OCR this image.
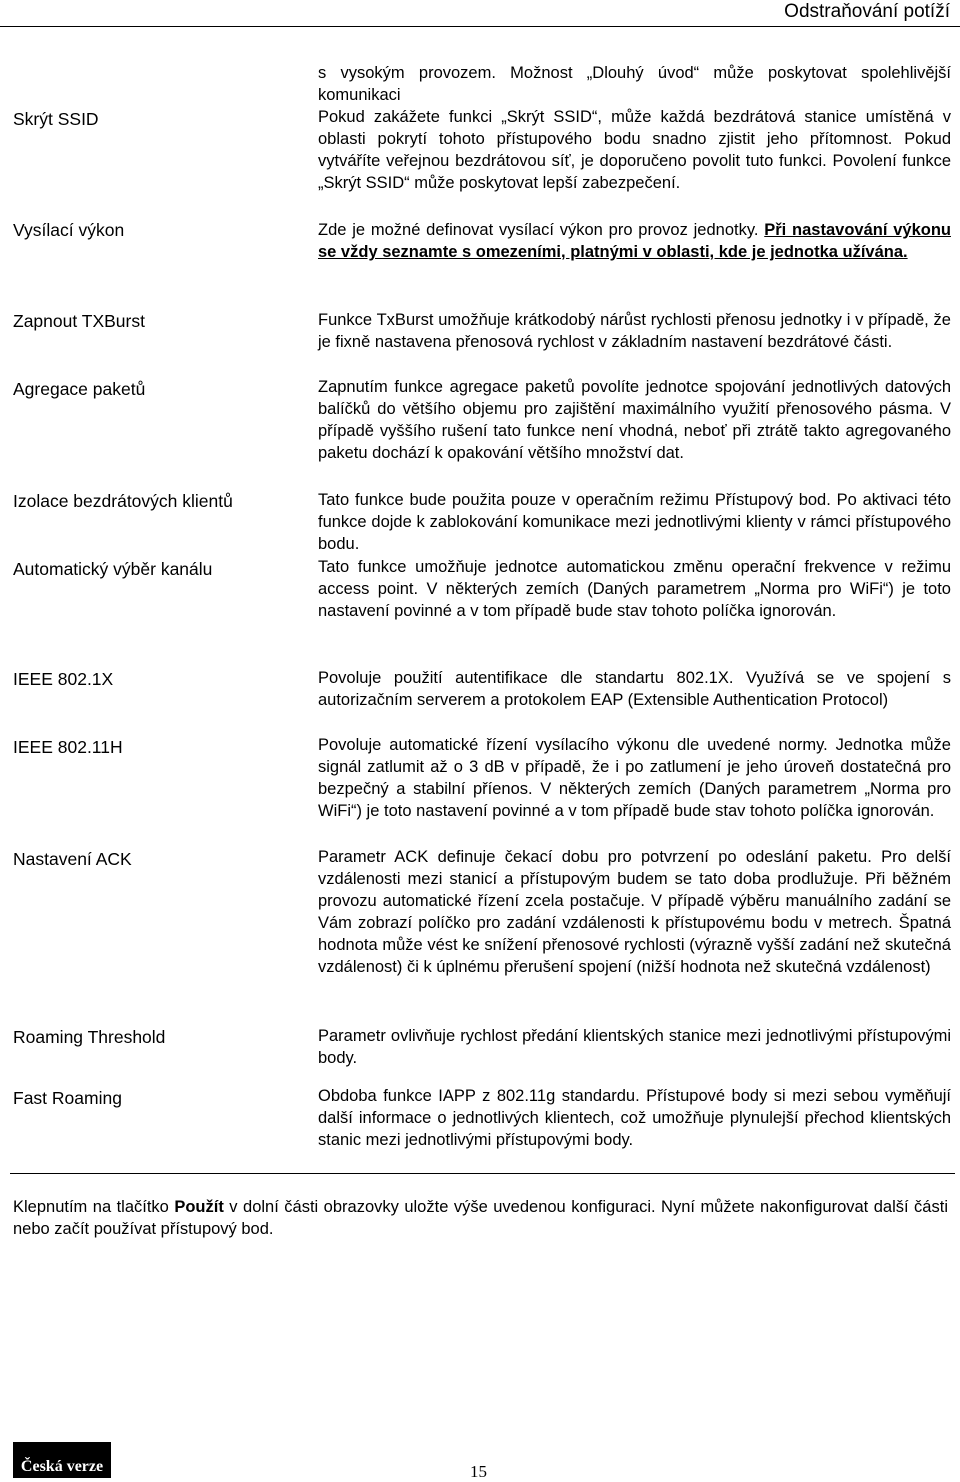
Odstraňování potíží
s vysokým provozem. Možnost „Dlouhý úvod“ může poskytovat spolehlivější komunikaci
Skrýt SSID	Pokud zakážete funkci „Skrýt SSID“, může každá bezdrátová stanice umístěná v oblasti pokrytí tohoto přístupového bodu snadno zjistit jeho přítomnost. Pokud vytváříte veřejnou bezdrátovou síť, je doporučeno povolit tuto funkci. Povolení funkce „Skrýt SSID“ může poskytovat lepší zabezpečení.
Vysílací výkon	Zde je možné definovat vysílací výkon pro provoz jednotky. Při nastavování výkonu se vždy seznamte s omezeními, platnými v oblasti, kde je jednotka užívána.
Zapnout TXBurst	Funkce TxBurst umožňuje krátkodobý nárůst rychlosti přenosu jednotky i v případě, že je fixně nastavena přenosová rychlost v základním nastavení bezdrátové části.
Agregace paketů	Zapnutím funkce agregace paketů povolíte jednotce spojování jednotlivých datových balíčků do většího objemu pro zajištění maximálního využití přenosového pásma. V případě vyššího rušení tato funkce není vhodná, neboť při ztrátě takto agregovaného paketu dochází k opakování většího množství dat.
Izolace bezdrátových klientů	Tato funkce bude použita pouze v operačním režimu Přístupový bod. Po aktivaci této funkce dojde k zablokování komunikace mezi jednotlivými klienty v rámci přístupového bodu.
Automatický výběr kanálu	Tato funkce umožňuje jednotce automatickou změnu operační frekvence v režimu access point. V některých zemích (Daných parametrem „Norma pro WiFi“) je toto nastavení povinné a v tom případě bude stav tohoto políčka ignorován.
IEEE 802.1X	Povoluje použití autentifikace dle standartu 802.1X. Využívá se ve spojení s autorizačním serverem a protokolem EAP (Extensible Authentication Protocol)
IEEE 802.11H	Povoluje automatické řízení vysílacího výkonu dle uvedené normy. Jednotka může signál zatlumit až o 3 dB v případě, že i po zatlumení je jeho úroveň dostatečná pro bezpečný a stabilní příenos. V některých zemích (Daných parametrem „Norma pro WiFi“) je toto nastavení povinné a v tom případě bude stav tohoto políčka ignorován.
Nastavení ACK	Parametr ACK definuje čekací dobu pro potvrzení po odeslání paketu. Pro delší vzdálenosti mezi stanicí a přístupovým budem se tato doba prodlužuje. Při běžném provozu automatické řízení zcela postačuje. V případě výběru manuálního zadání se Vám zobrazí políčko pro zadání vzdálenosti k přístupovému bodu v metrech. Špatná hodnota může vést ke snížení přenosové rychlosti (výrazně vyšší zadání než skutečná vzdálenost) či k úplnému přerušení spojení (nižší hodnota než skutečná vzdálenost)
Roaming Threshold	Parametr ovlivňuje rychlost předání klientských stanice mezi jednotlivými přístupovými body.
Fast Roaming	Obdoba funkce IAPP z 802.11g standardu. Přístupové body si mezi sebou vyměňují další informace o jednotlivých klientech, což umožňuje plynulejší přechod klientských stanic mezi jednotlivými přístupovými body.
Klepnutím na tlačítko Použít v dolní části obrazovky uložte výše uvedenou konfiguraci. Nyní můžete nakonfigurovat další části nebo začít používat přístupový bod.
Česká verze	15
